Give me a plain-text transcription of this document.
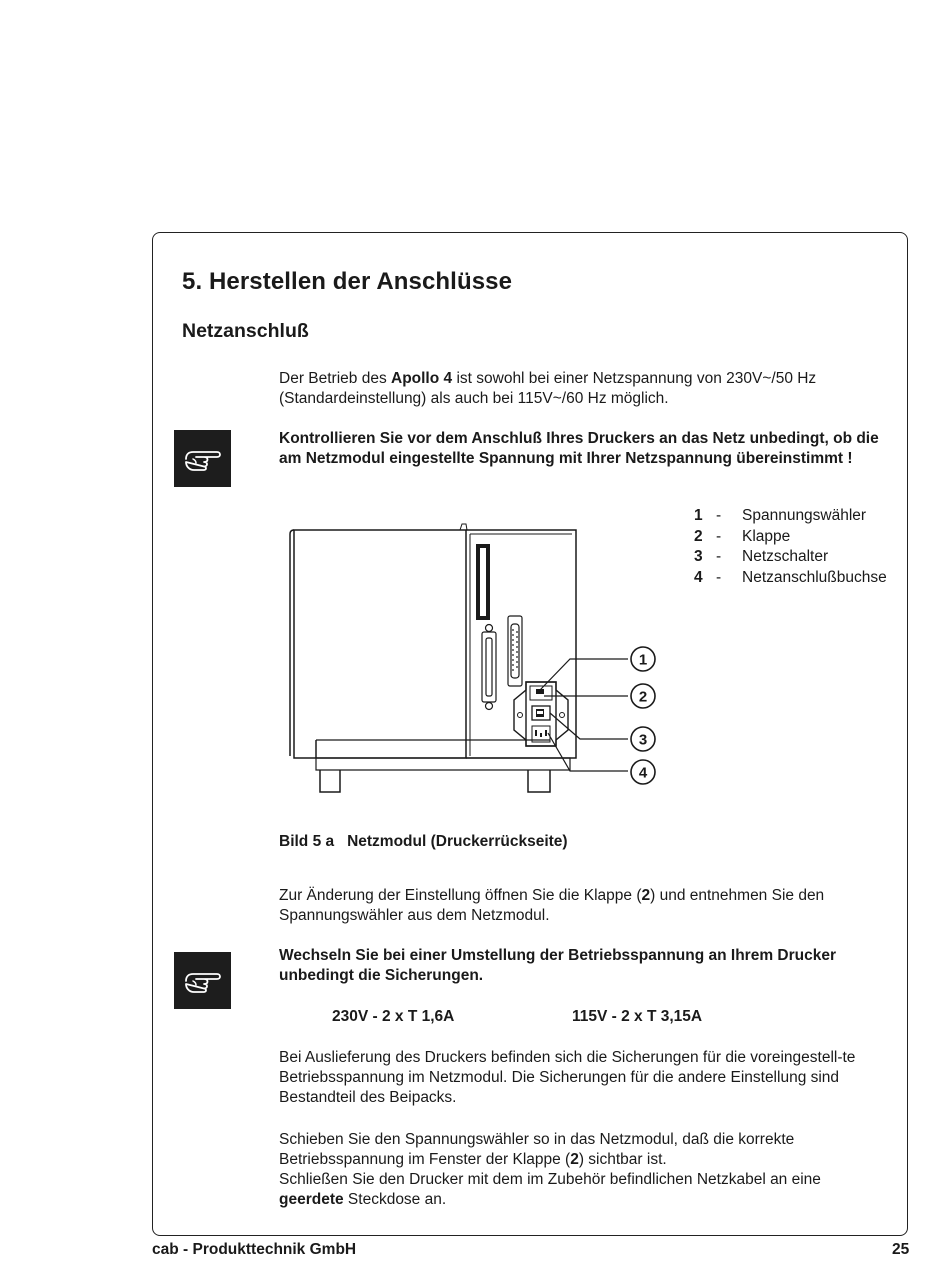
5. Herstellen der Anschlüsse
Netzanschluß
Der Betrieb des Apollo 4 ist sowohl bei einer Netzspannung von 230V~/50 Hz (Standardeinstellung) als auch bei 115V~/60 Hz möglich.
Kontrollieren Sie vor dem Anschluß Ihres Druckers an das Netz unbedingt, ob die am Netzmodul eingestellte Spannung mit Ihrer Netzspannung übereinstimmt !
1 -	Spannungswähler
2 -	Klappe
3 -	Netzschalter
4 -	Netzanschlußbuchse
1
2
3
4
Bild 5 a Netzmodul (Druckerrückseite)
Zur Änderung der Einstellung öffnen Sie die Klappe (2) und entnehmen Sie den Spannungswähler aus dem Netzmodul.
Wechseln Sie bei einer Umstellung der Betriebsspannung an Ihrem Drucker unbedingt die Sicherungen.
230V - 2 x T 1,6A	115V - 2 x T 3,15A
Bei Auslieferung des Druckers befinden sich die Sicherungen für die voreingestell-te Betriebsspannung im Netzmodul. Die Sicherungen für die andere Einstellung sind Bestandteil des Beipacks.
Schieben Sie den Spannungswähler so in das Netzmodul, daß die korrekte Betriebsspannung im Fenster der Klappe (2) sichtbar ist.
Schließen Sie den Drucker mit dem im Zubehör befindlichen Netzkabel an eine geerdete Steckdose an.
cab - Produkttechnik GmbH	25
